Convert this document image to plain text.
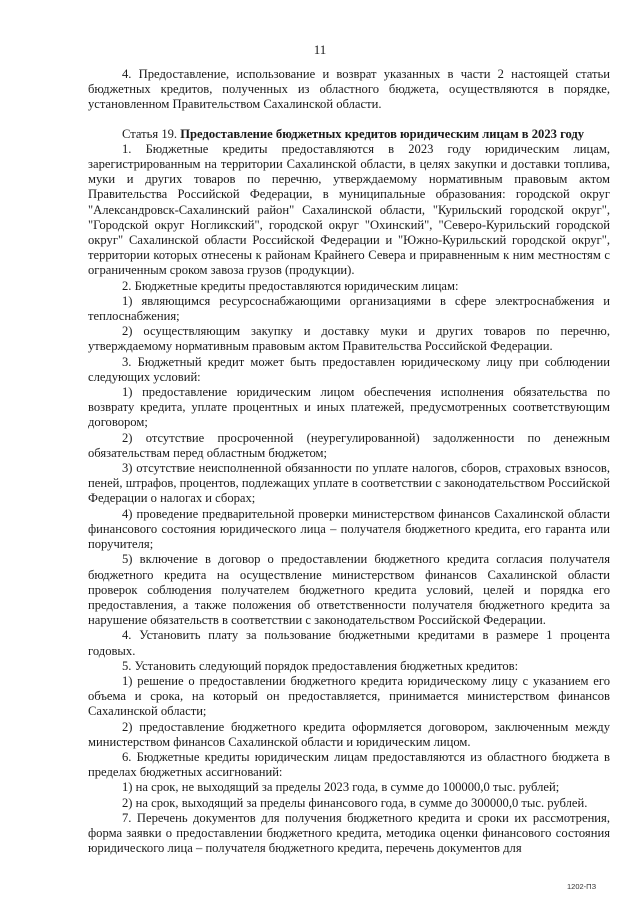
11

4. Предоставление, использование и возврат указанных в части 2 настоящей статьи бюджетных кредитов, полученных из областного бюджета, осуществляются в порядке, установленном Правительством Сахалинской области.

Статья 19. Предоставление бюджетных кредитов юридическим лицам в 2023 году

1. Бюджетные кредиты предоставляются в 2023 году юридическим лицам, зарегистрированным на территории Сахалинской области, в целях закупки и доставки топлива, муки и других товаров по перечню, утверждаемому нормативным правовым актом Правительства Российской Федерации, в муниципальные образования: городской округ "Александровск-Сахалинский район" Сахалинской области, "Курильский городской округ", "Городской округ Ногликский", городской округ "Охинский", "Северо-Курильский городской округ" Сахалинской области Российской Федерации и "Южно-Курильский городской округ", территории которых отнесены к районам Крайнего Севера и приравненным к ним местностям с ограниченным сроком завоза грузов (продукции).

2. Бюджетные кредиты предоставляются юридическим лицам:

1) являющимся ресурсоснабжающими организациями в сфере электроснабжения и теплоснабжения;

2) осуществляющим закупку и доставку муки и других товаров по перечню, утверждаемому нормативным правовым актом Правительства Российской Федерации.

3. Бюджетный кредит может быть предоставлен юридическому лицу при соблюдении следующих условий:

1) предоставление юридическим лицом обеспечения исполнения обязательства по возврату кредита, уплате процентных и иных платежей, предусмотренных соответствующим договором;

2) отсутствие просроченной (неурегулированной) задолженности по денежным обязательствам перед областным бюджетом;

3) отсутствие неисполненной обязанности по уплате налогов, сборов, страховых взносов, пеней, штрафов, процентов, подлежащих уплате в соответствии с законодательством Российской Федерации о налогах и сборах;

4) проведение предварительной проверки министерством финансов Сахалинской области финансового состояния юридического лица – получателя бюджетного кредита, его гаранта или поручителя;

5) включение в договор о предоставлении бюджетного кредита согласия получателя бюджетного кредита на осуществление министерством финансов Сахалинской области проверок соблюдения получателем бюджетного кредита условий, целей и порядка его предоставления, а также положения об ответственности получателя бюджетного кредита за нарушение обязательств в соответствии с законодательством Российской Федерации.

4. Установить плату за пользование бюджетными кредитами в размере 1 процента годовых.

5. Установить следующий порядок предоставления бюджетных кредитов:

1) решение о предоставлении бюджетного кредита юридическому лицу с указанием его объема и срока, на который он предоставляется, принимается министерством финансов Сахалинской области;

2) предоставление бюджетного кредита оформляется договором, заключенным между министерством финансов Сахалинской области и юридическим лицом.

6. Бюджетные кредиты юридическим лицам предоставляются из областного бюджета в пределах бюджетных ассигнований:

1) на срок, не выходящий за пределы 2023 года, в сумме до 100000,0 тыс. рублей;

2) на срок, выходящий за пределы финансового года, в сумме до 300000,0 тыс. рублей.

7. Перечень документов для получения бюджетного кредита и сроки их рассмотрения, форма заявки о предоставлении бюджетного кредита, методика оценки финансового состояния юридического лица – получателя бюджетного кредита, перечень документов для

1202-ПЗ
